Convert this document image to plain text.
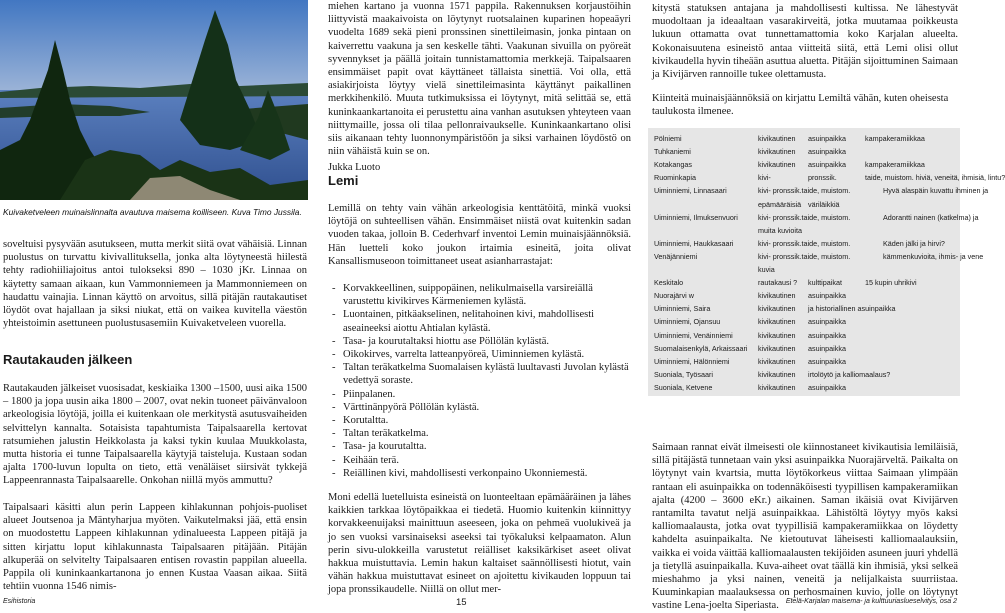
Kuivaketveleen muinaislinnalta avautuva maisema koilliseen. Kuva Timo Jussila.

soveltuisi pysyvään asutukseen, mutta merkit siitä ovat vähäisiä. Linnan puolustus on turvattu kivivallituksella, jonka alta löytyneestä hiilestä tehty radiohiiliajoitus antoi tulokseksi 890 – 1030 jKr. Linnaa on käytetty samaan aikaan, kun Vammonniemeen ja Mammonniemeen on haudattu vainajia. Linnan käyttö on arvoitus, sillä pitäjän rautakautiset löydöt ovat hajallaan ja siksi niukat, että on vaikea kuvitella väestön yhteistoimin asettuneen puolustusasemiin Kuivaketveleen vuorella.

Rautakauden jälkeen

Rautakauden jälkeiset vuosisadat, keskiaika 1300 –1500, uusi aika 1500 – 1800 ja jopa uusin aika 1800 – 2007, ovat nekin tuoneet päivänvaloon arkeologisia löytöjä, joilla ei kuitenkaan ole merkitystä asutusvaiheiden selvittelyn kannalta. Sotaisista tapahtumista Taipalsaarella kertovat ratsumiehen jalustin Heikkolasta ja kaksi tykin kuulaa Muukkolasta, mutta historia ei tunne Taipalsaarella käytyjä taisteluja. Kustaan sodan ajalta 1700-luvun lopulta on tieto, että venäläiset siirsivät tykkejä Lappeenrannasta Taipalsaarelle. Onkohan niillä myös ammuttu?

Taipalsaari käsitti alun perin Lappeen kihlakunnan pohjois-puoliset alueet Joutsenoa ja Mäntyharjua myöten. Vaikutelmaksi jää, että ensin on muodostettu Lappeen kihlakunnan ydinalueesta Lappeen pitäjä ja sitten kirjattu loput kihlakunnasta Taipalsaaren pitäjään. Pitäjän alkuperää on selvitelty Taipalsaaren entisen rovastin pappilan alueella. Pappila oli kuninkaankartanona jo ennen Kustaa Vaasan aikaa. Siitä tehtiin vuonna 1546 nimis-

miehen kartano ja vuonna 1571 pappila. Rakennuksen korjaustöihin liittyvistä maakaivoista on löytynyt ruotsalainen kuparinen hopeaäyri vuodelta 1689 sekä pieni pronssinen sinettileimasin, jonka pintaan on kaiverrettu vaakuna ja sen keskelle tähti. Vaakunan sivuilla on pyöreät syvennykset ja päällä joitain tunnistamattomia merkkejä. Taipalsaaren ensimmäiset papit ovat käyttäneet tällaista sinettiä. Voi olla, että asiakirjoista löytyy vielä sinettileimasinta käyttänyt paikallinen merkkihenkilö. Muuta tutkimuksissa ei löytynyt, mitä selittää se, että kuninkaankartanoita ei perustettu aina vanhan asutuksen yhteyteen vaan niittymaille, jossa oli tilaa pellonraivaukselle. Kuninkaankartano olisi siis aikanaan tehty luonnonympäristöön ja siksi varhainen löydöstö on niin vähäistä kuin se on.

Jukka Luoto
Lemi

Lemillä on tehty vain vähän arkeologisia kenttätöitä, minkä vuoksi löytöjä on suhteellisen vähän. Ensimmäiset niistä ovat kuitenkin sadan vuoden takaa, jolloin B. Cederhvarf inventoi Lemin muinaisjäännöksiä. Hän luetteli koko joukon irtaimia esineitä, joita olivat Kansallismuseoon toimittaneet useat asianharrastajat:

- Korvakkeellinen, suippopäinen, nelikulmaisella varsireiällä varustettu kivikirves Kärmeniemen kylästä.
- Luontainen, pitkäakselinen, nelitahoinen kivi, mahdollisesti aseaineeksi aiottu Ahtialan kylästä.
- Tasa- ja kourutaltaksi hiottu ase Pöllölän kylästä.
- Oikokirves, varrelta latteanpyöreä, Uiminniemen kylästä.
- Taltan teräkatkelma Suomalaisen kylästä luultavasti Juvolan kylästä vedettyä soraste.
- Piinpalanen.
- Värttinänpyörä Pöllölän kylästä.
- Korutaltta.
- Taltan teräkatkelma.
- Tasa- ja kourutaltta.
- Keihään terä.
- Reiällinen kivi, mahdollisesti verkonpaino Ukonniemestä.

Moni edellä luetelluista esineistä on luonteeltaan epämääräinen ja lähes kaikkien tarkkaa löytöpaikkaa ei tiedetä. Huomio kuitenkin kiinnittyy korvakkeenuijaksi mainittuun aseeseen, joka on pehmeä vuolukiveä ja jo sen vuoksi varsinaiseksi aseeksi tai työkaluksi kelpaamaton. Alun perin sivu-ulokkeilla varustetut reiälliset kaksikärkiset aseet olivat hakkua muistuttavia. Lemin hakun kaltaiset saännöllisesti hiotut, vain vähän hakkua muistuttavat esineet on ajoitettu kivikauden loppuun tai jopa pronssikaudelle. Niillä on ollut mer-

kitystä statuksen antajana ja mahdollisesti kultissa. Ne lähestyvät muodoltaan ja ideaaltaan vasarakirveitä, jotka muutamaa poikkeusta lukuun ottamatta ovat tunnettamattomia koko Karjalan alueelta. Kokonaisuutena esineistö antaa viitteitä siitä, että Lemi olisi ollut kivikaudella hyvin tiheään asuttua aluetta. Pitäjän sijoittuminen Saimaan ja Kivijärven rannoille tukee olettamusta.

Kiinteitä muinaisjäännöksiä on kirjattu Lemiltä vähän, kuten oheisesta taulukosta ilmenee.

Saimaan rannat eivät ilmeisesti ole kiinnostaneet kivikautisia lemiläisiä, sillä pitäjästä tunnetaan vain yksi asuinpaikka Nuorajärveltä. Paikalta on löytynyt vain kvartsia, mutta löytökorkeus viittaa Saimaan ylimpään rantaan eli asuinpaikka on todennäköisesti tyypillisen kampakeramiikan ajalta (4200 – 3600 eKr.) aikainen. Saman ikäisiä ovat Kivijärven rantamilta tavatut neljä asuinpaikkaa. Lähistöltä löytyy myös kaksi kalliomaalausta, jotka ovat tyypillisiä kampakeramiikkaa on löydetty kahdelta asuinpaikalta. Ne kietoutuvat läheisesti kalliomaalauksiin, vaikka ei voida väittää kalliomaalausten tekijöiden asuneen juuri yhdellä ja tietyllä asuinpaikalla. Kuva-aiheet ovat täällä kin ihmisiä, yksi selkeä mieshahmo ja yksi nainen, veneitä ja nelijalkaista suurriistaa. Kuuminkapian maalauksessa on perhosmainen kuvio, jolle on löytynyt vastine Lena-joelta Siperiasta.

Pölniemi	kivikautinen asuinpaikka	kampakeramiikkaa
Tuhkaniemi	kivikautinen asuinpaikka
Kotakangas	kivikautinen asuinpaikka	kampakeramiikkaa
Ruominkapia	kivi-	pronssik.	taide, muistom. hiviä, veneitä, ihmisiä, lintu?
Uiminniemi, Linnasaari	kivi- pronssik.taide, muistom.	Hyvä alaspäin kuvattu ihminen ja
epämääräisiä väriläikkiä
Uiminniemi, Ilmuksenvuori	kivi- pronssik.taide, muistom.	Adorantti nainen (katkelma) ja
muita kuvioita
Uiminniemi, Haukkasaari	kivi- pronssik.taide, muistom.	Käden jälki ja hirvi?
Venäjänniemi	kivi- pronssik.taide, muistom.	kämmenkuvioita, ihmis- ja vene
kuvia
Keskitalo	rautakausi ? kulttipaikat	15 kupin uhrikivi
Nuorajärvi w	kivikautinen asuinpaikka
Uiminniemi, Saira	kivikautinen ja historiallinen asuinpaikka
Uiminniemi, Ojansuu	kivikautinen asuinpaikka
Uiminniemi, Venäinniemi	kivikautinen asuinpaikka
Suomalaisenkylä, Arkaissaari kivikautinen asuinpaikka
Uiminniemi, Hälönniemi	kivikautinen asuinpaikka
Suoniala, Työsaari	kivikautinen irtolöytö ja kalliomaalaus?
Suoniala, Ketvene	kivikautinen asuinpaikka
Esihistoria	15	Etelä-Karjalan maisema- ja kulttuuriaslueselvitys, osa 2
